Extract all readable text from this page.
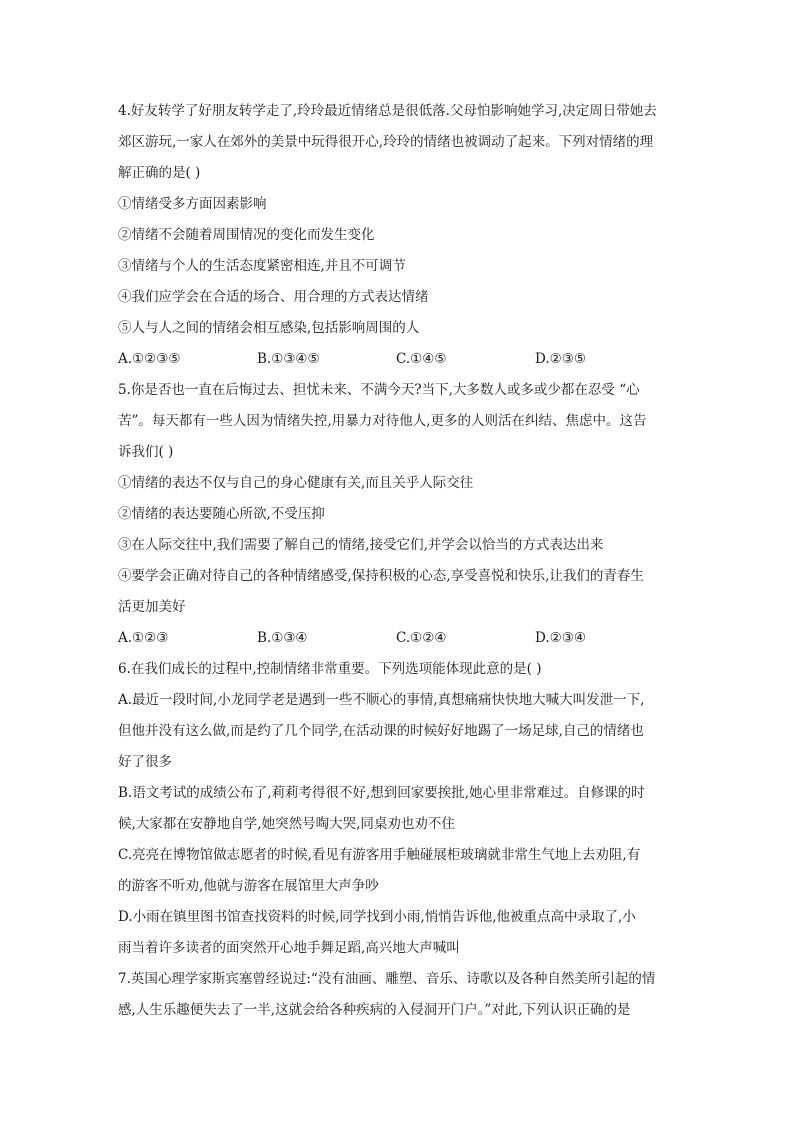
4.好友转学了好朋友转学走了,玲玲最近情绪总是很低落.父母怕影响她学习,决定周日带她去
郊区游玩,一家人在郊外的美景中玩得很开心,玲玲的情绪也被调动了起来。下列对情绪的理
解正确的是( )
①情绪受多方面因素影响
②情绪不会随着周围情况的变化而发生变化
③情绪与个人的生活态度紧密相连,并且不可调节
④我们应学会在合适的场合、用合理的方式表达情绪
⑤人与人之间的情绪会相互感染,包括影响周围的人
A.①②③⑤	B.①③④⑤	C.①④⑤	D.②③⑤
5.你是否也一直在后悔过去、担忧未来、不满今天?当下,大多数人或多或少都在忍受 “心
苦”。每天都有一些人因为情绪失控,用暴力对待他人,更多的人则活在纠结、焦虑中。这告
诉我们( )
①情绪的表达不仅与自己的身心健康有关,而且关乎人际交往
②情绪的表达要随心所欲,不受压抑
③在人际交往中,我们需要了解自己的情绪,接受它们,并学会以恰当的方式表达出来
④要学会正确对待自己的各种情绪感受,保持积极的心态,享受喜悦和快乐,让我们的青春生
活更加美好
A.①②③	B.①③④	C.①②④	D.②③④
6.在我们成长的过程中,控制情绪非常重要。下列选项能体现此意的是( )
A.最近一段时间,小龙同学老是遇到一些不顺心的事情,真想痛痛快快地大喊大叫发泄一下,
但他并没有这么做,而是约了几个同学,在活动课的时候好好地踢了一场足球,自己的情绪也
好了很多
B.语文考试的成绩公布了,莉莉考得很不好,想到回家要挨批,她心里非常难过。自修课的时
候,大家都在安静地自学,她突然号啕大哭,同桌劝也劝不住
C.亮亮在博物馆做志愿者的时候,看见有游客用手触碰展柜玻璃就非常生气地上去劝阻,有
的游客不听劝,他就与游客在展馆里大声争吵
D.小雨在镇里图书馆查找资料的时候,同学找到小雨,悄悄告诉他,他被重点高中录取了,小
雨当着许多读者的面突然开心地手舞足蹈,高兴地大声喊叫
7.英国心理学家斯宾塞曾经说过:“没有油画、雕塑、音乐、诗歌以及各种自然美所引起的情
感,人生乐趣便失去了一半,这就会给各种疾病的入侵洞开门户。”对此,下列认识正确的是
